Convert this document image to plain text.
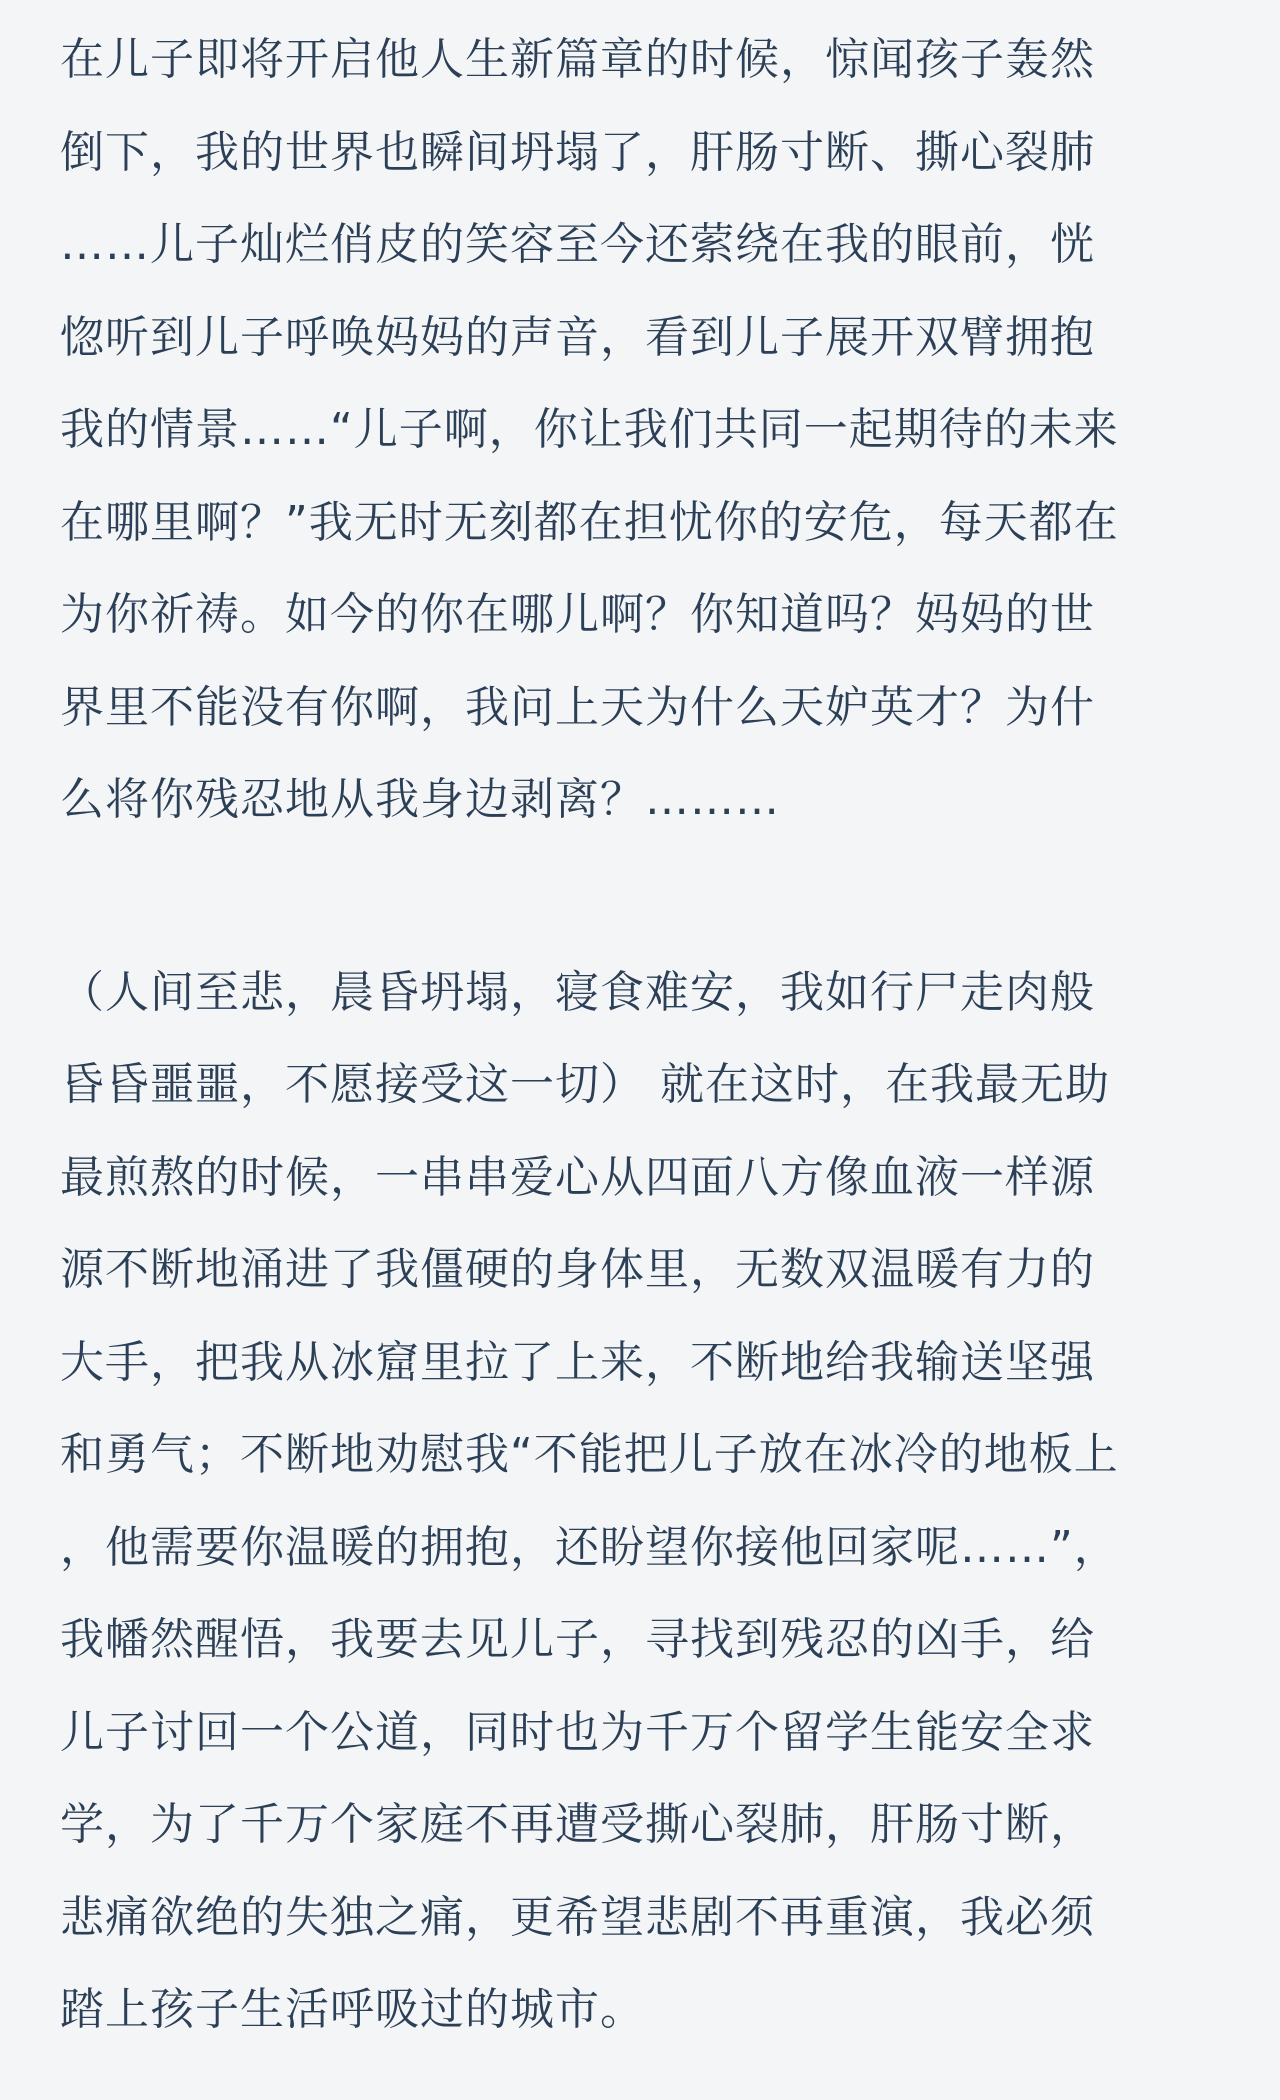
在儿子即将开启他人生新篇章的时候，惊闻孩子轰然
倒下，我的世界也瞬间坍塌了，肝肠寸断、撕心裂肺
……儿子灿烂俏皮的笑容至今还萦绕在我的眼前，恍
惚听到儿子呼唤妈妈的声音，看到儿子展开双臂拥抱
我的情景……“儿子啊，你让我们共同一起期待的未来
在哪里啊？”我无时无刻都在担忧你的安危，每天都在
为你祈祷。如今的你在哪儿啊？你知道吗？妈妈的世
界里不能没有你啊，我问上天为什么天妒英才？为什
么将你残忍地从我身边剥离？………
（人间至悲，晨昏坍塌，寝食难安，我如行尸走肉般
昏昏噩噩，不愿接受这一切） 就在这时，在我最无助
最煎熬的时候，一串串爱心从四面八方像血液一样源
源不断地涌进了我僵硬的身体里，无数双温暖有力的
大手，把我从冰窟里拉了上来，不断地给我输送坚强
和勇气；不断地劝慰我“不能把儿子放在冰冷的地板上
，他需要你温暖的拥抱，还盼望你接他回家呢……”，
我幡然醒悟，我要去见儿子，寻找到残忍的凶手，给
儿子讨回一个公道，同时也为千万个留学生能安全求
学，为了千万个家庭不再遭受撕心裂肺，肝肠寸断，
悲痛欲绝的失独之痛，更希望悲剧不再重演，我必须
踏上孩子生活呼吸过的城市。
